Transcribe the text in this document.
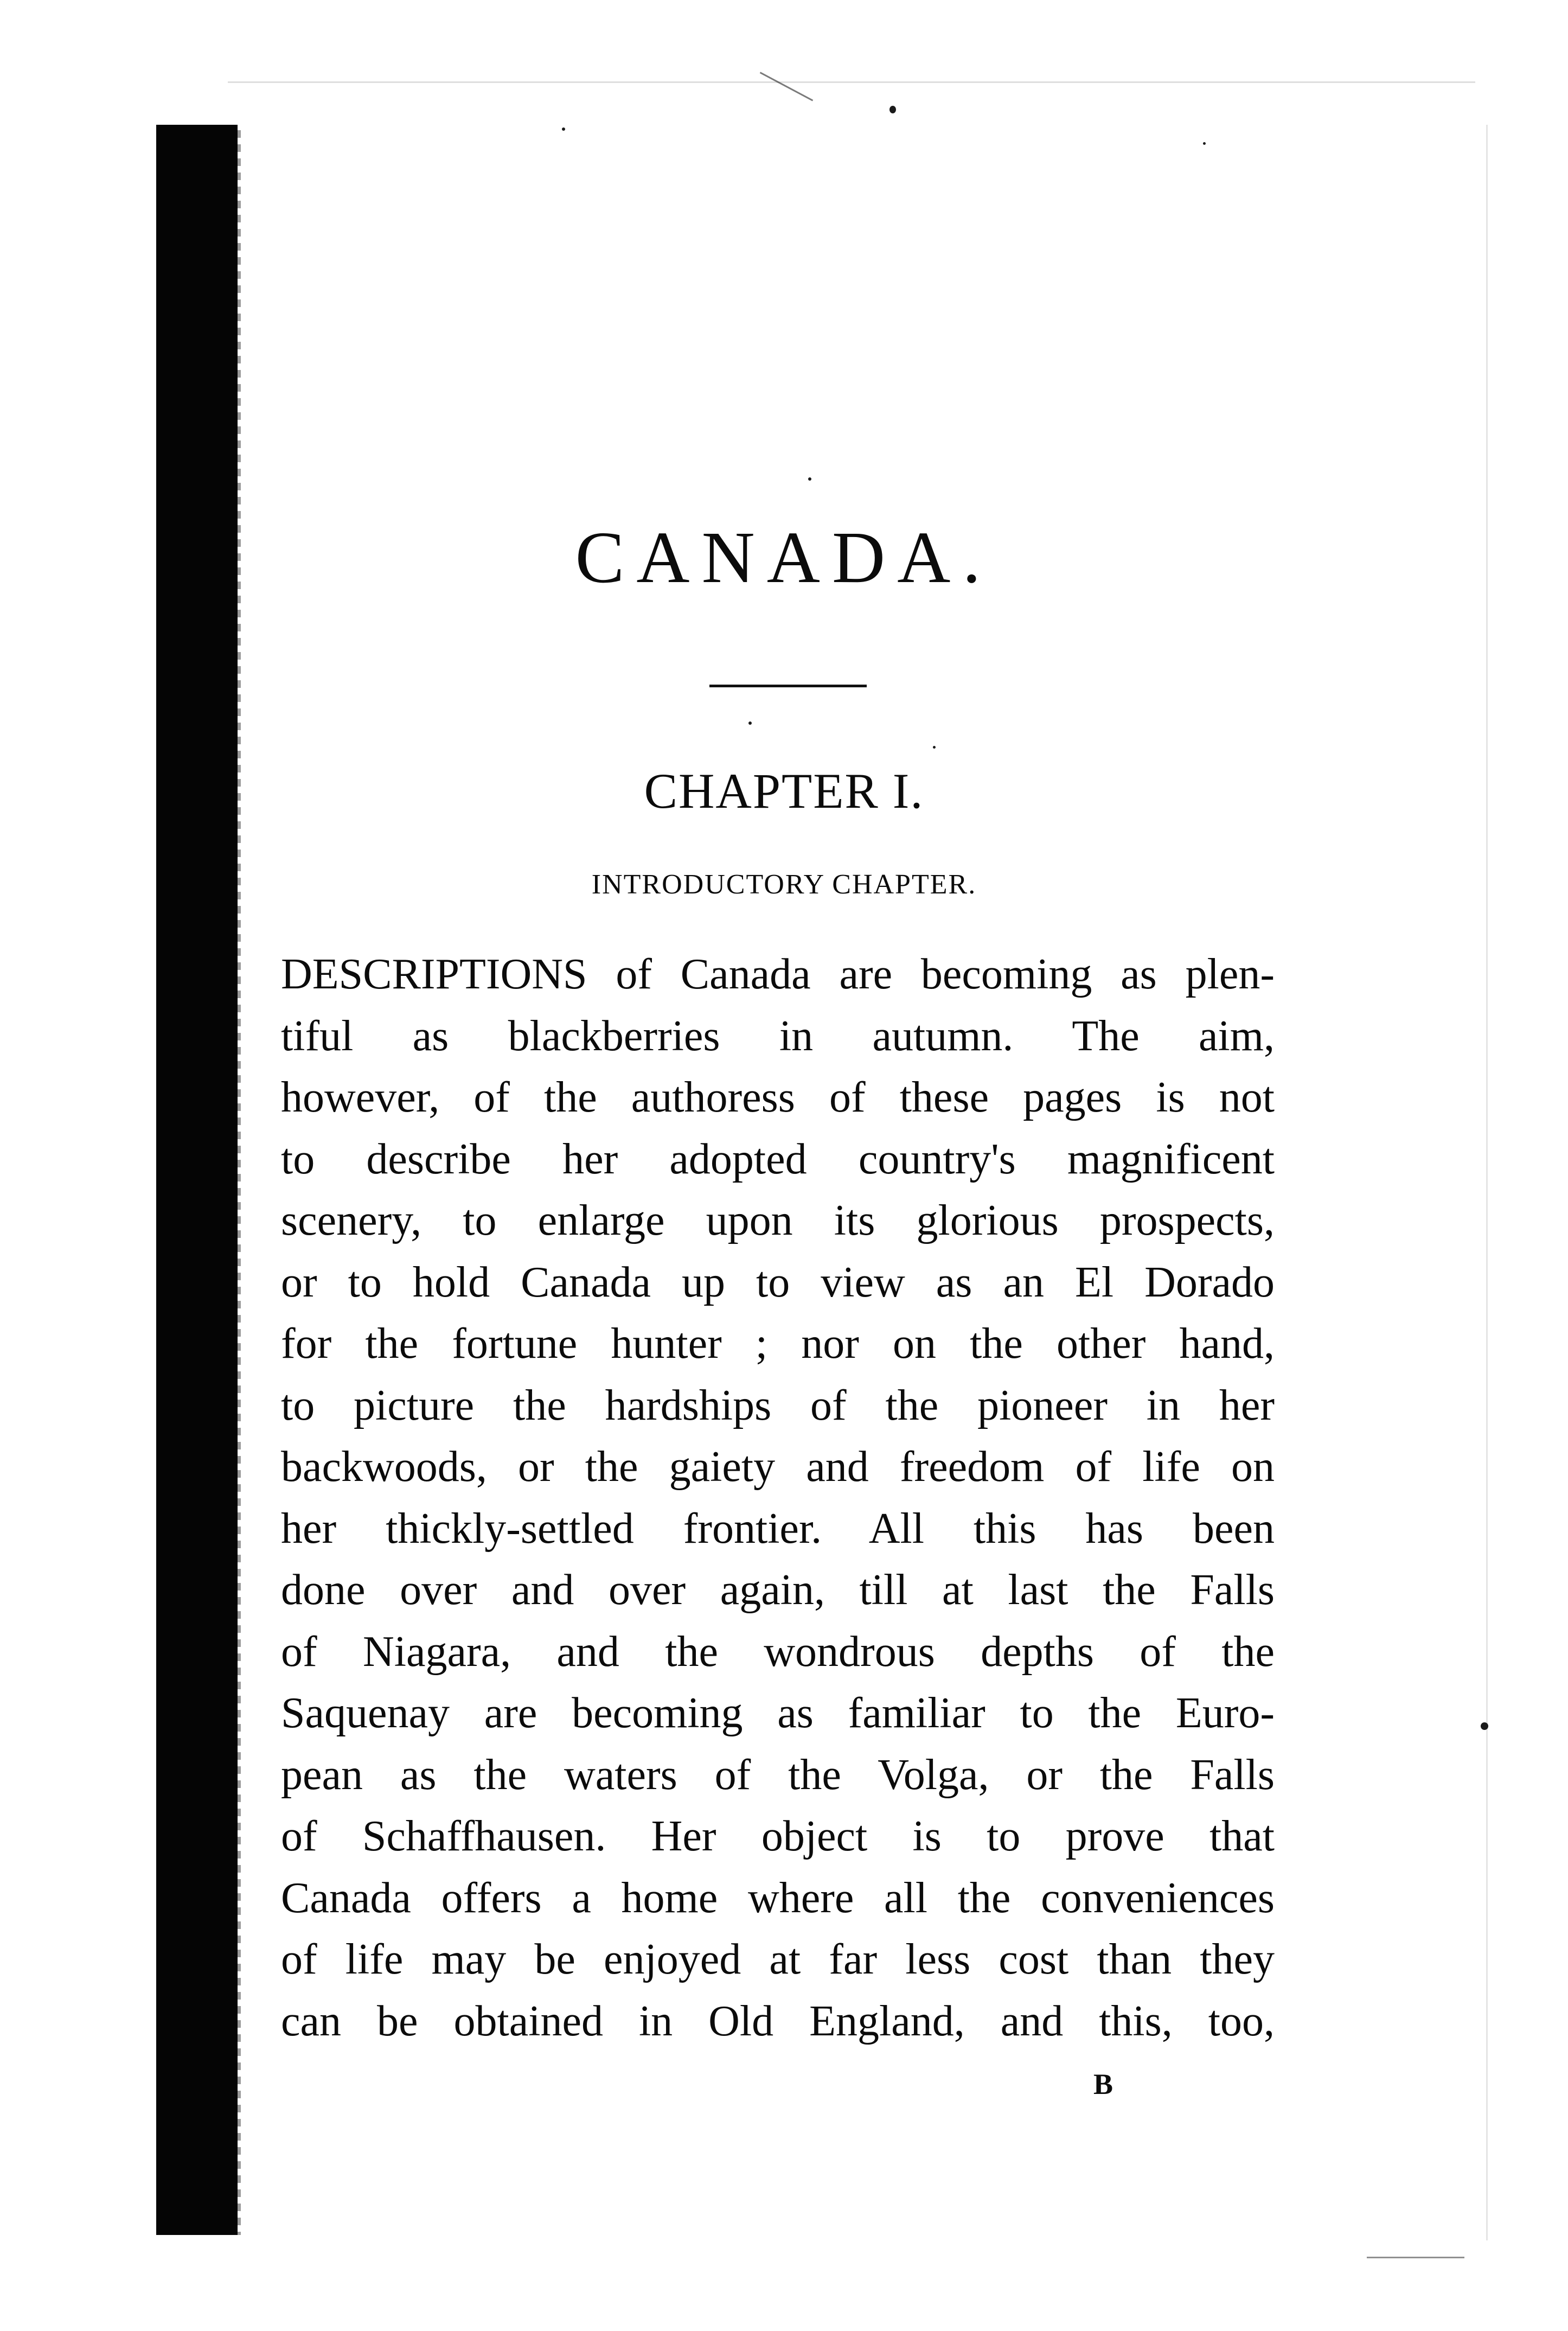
CANADA.
CHAPTER I.
INTRODUCTORY CHAPTER.
DESCRIPTIONS of Canada are becoming as plen-
tiful as blackberries in autumn. The aim,
however, of the authoress of these pages is not
to describe her adopted country's magnificent
scenery, to enlarge upon its glorious prospects,
or to hold Canada up to view as an El Dorado
for the fortune hunter ; nor on the other hand,
to picture the hardships of the pioneer in her
backwoods, or the gaiety and freedom of life on
her thickly-settled frontier. All this has been
done over and over again, till at last the Falls
of Niagara, and the wondrous depths of the
Saquenay are becoming as familiar to the Euro-
pean as the waters of the Volga, or the Falls
of Schaffhausen. Her object is to prove that
Canada offers a home where all the conveniences
of life may be enjoyed at far less cost than they
can be obtained in Old England, and this, too,
B
